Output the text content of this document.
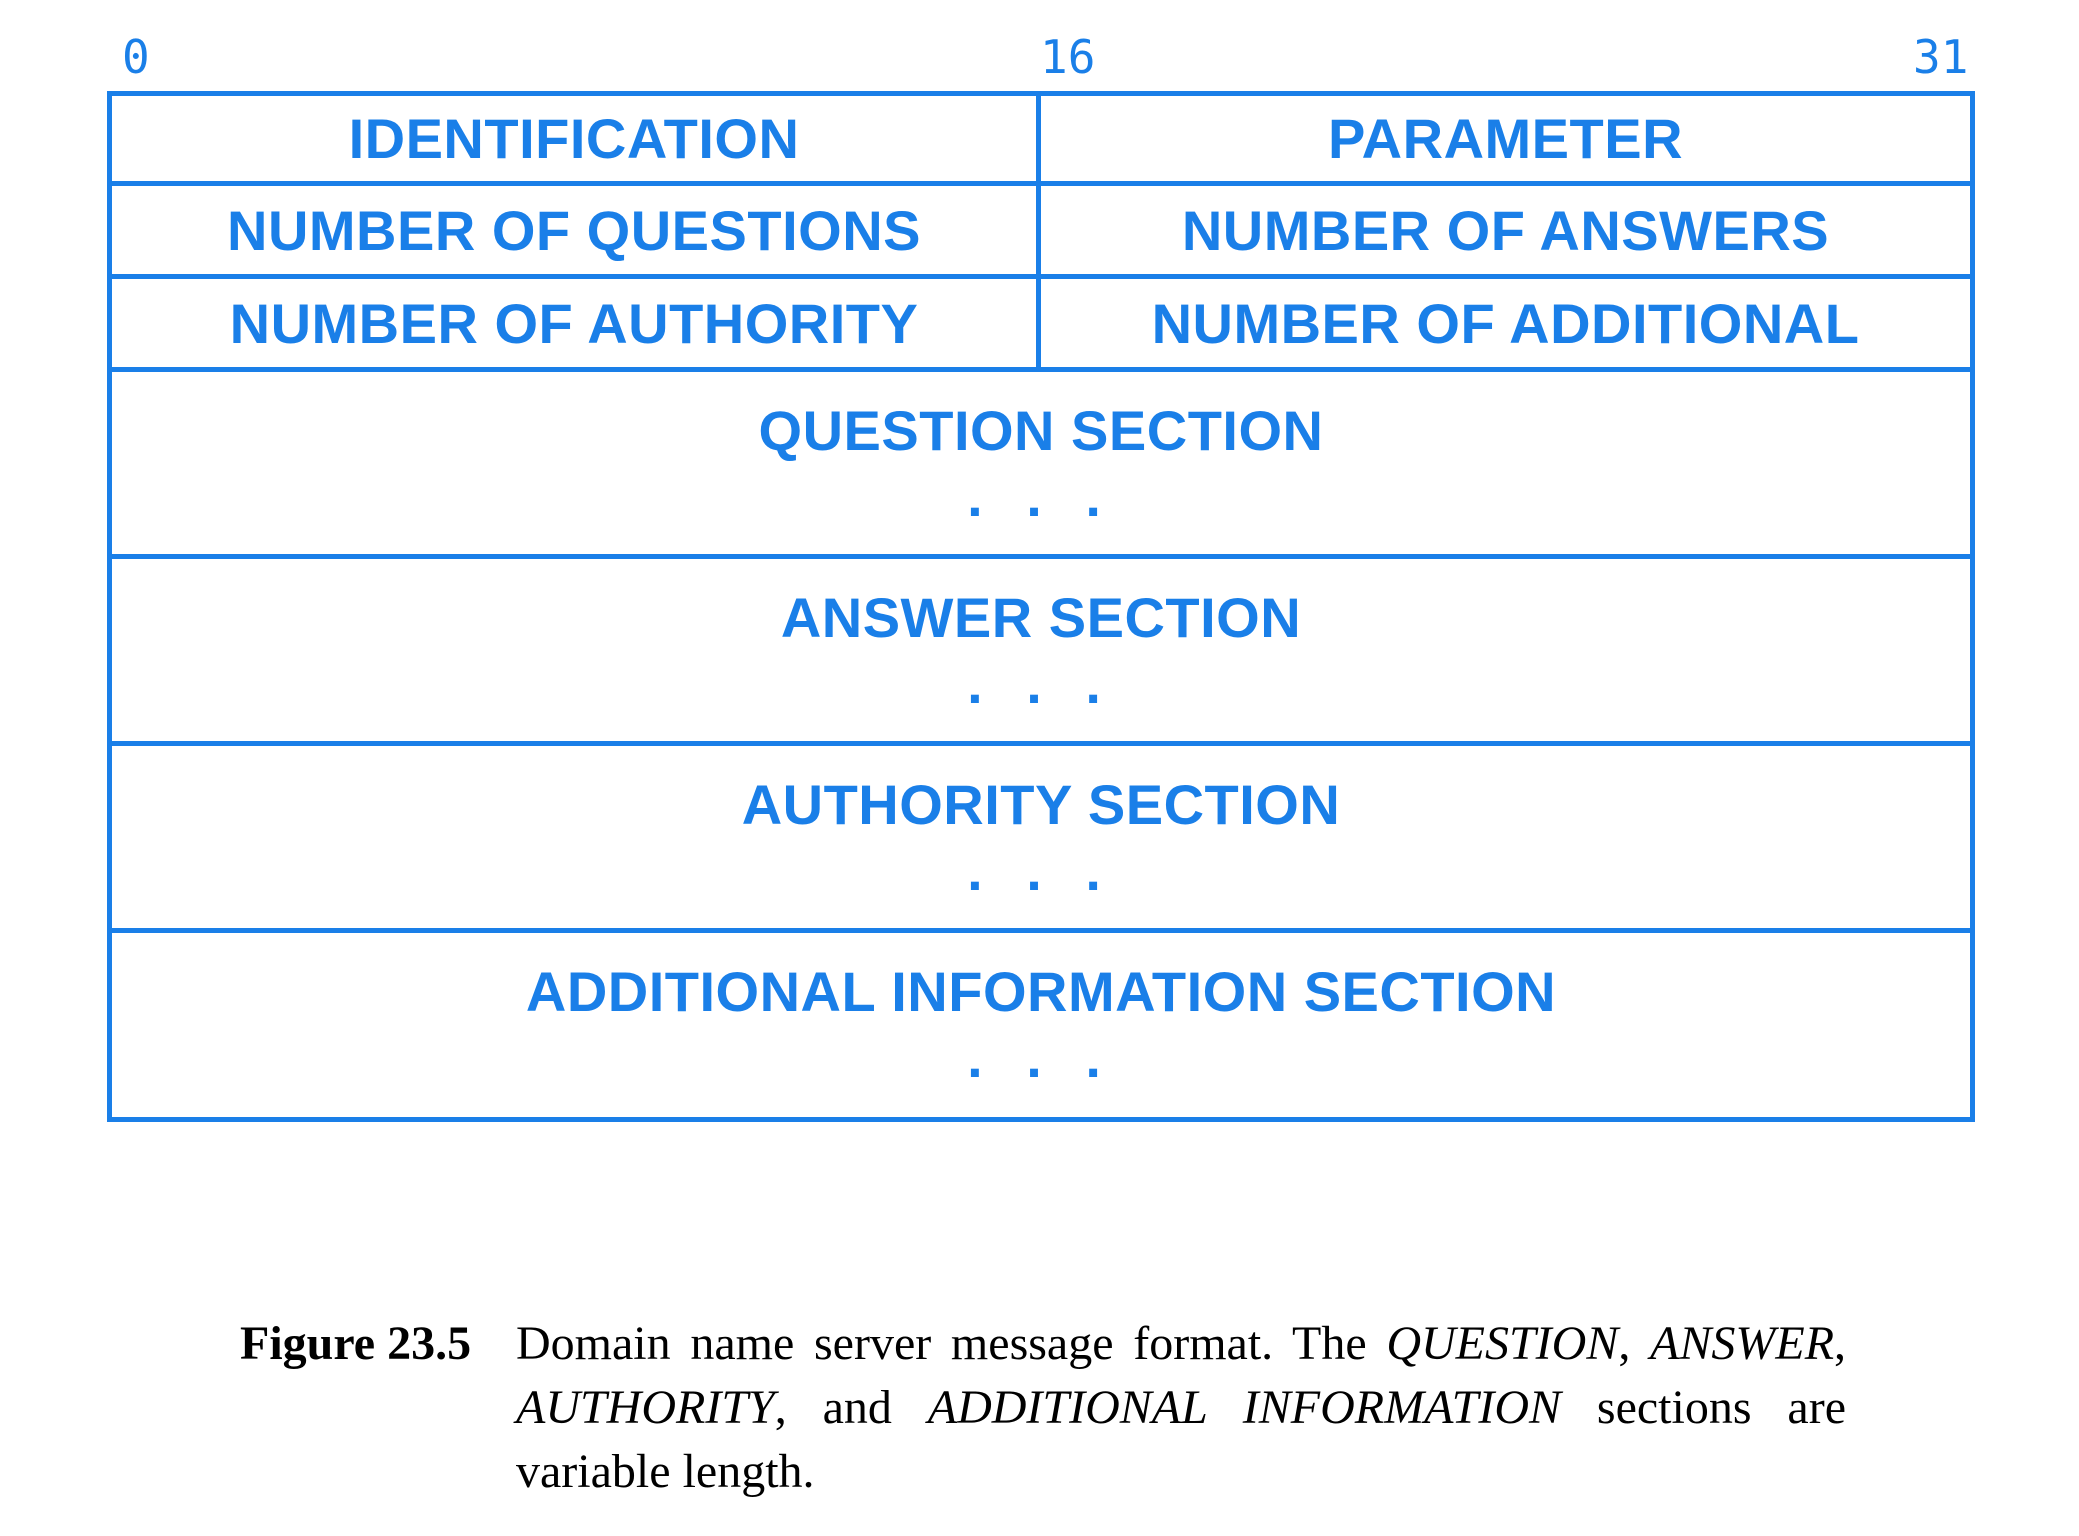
0	16	31
IDENTIFICATION	PARAMETER
NUMBER OF QUESTIONS	NUMBER OF ANSWERS
NUMBER OF AUTHORITY	NUMBER OF ADDITIONAL
QUESTION SECTION
. . .
ANSWER SECTION
. . .
AUTHORITY SECTION
. . .
ADDITIONAL INFORMATION SECTION
. . .
Figure 23.5 Domain name server message format. The QUESTION, ANSWER, AUTHORITY, and ADDITIONAL INFORMATION sections are variable length.
